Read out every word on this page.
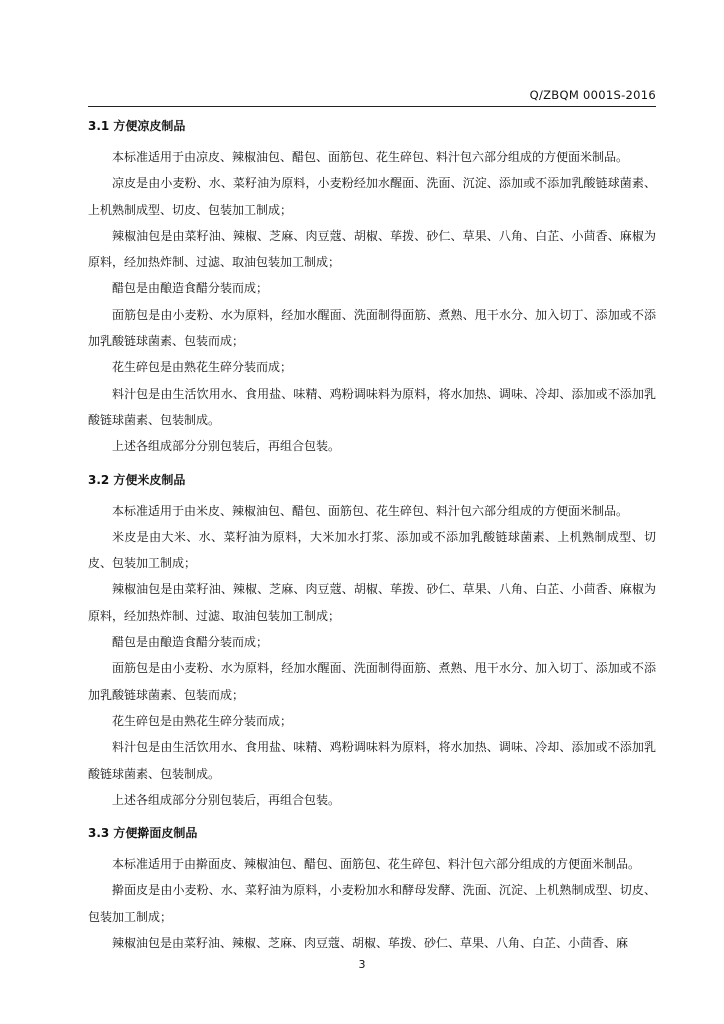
Q/ZBQM 0001S-2016
3.1 方便凉皮制品

本标准适用于由凉皮、辣椒油包、醋包、面筋包、花生碎包、料汁包六部分组成的方便面米制品。

凉皮是由小麦粉、水、菜籽油为原料，小麦粉经加水醒面、洗面、沉淀、添加或不添加乳酸链球菌素、上机熟制成型、切皮、包装加工制成；

辣椒油包是由菜籽油、辣椒、芝麻、肉豆蔻、胡椒、荜拨、砂仁、草果、八角、白芷、小茴香、麻椒为原料，经加热炸制、过滤、取油包装加工制成；

醋包是由酿造食醋分装而成；

面筋包是由小麦粉、水为原料，经加水醒面、洗面制得面筋、煮熟、甩干水分、加入切丁、添加或不添加乳酸链球菌素、包装而成；

花生碎包是由熟花生碎分装而成；

料汁包是由生活饮用水、食用盐、味精、鸡粉调味料为原料，将水加热、调味、冷却、添加或不添加乳酸链球菌素、包装制成。

上述各组成部分分别包装后，再组合包装。

3.2 方便米皮制品

本标准适用于由米皮、辣椒油包、醋包、面筋包、花生碎包、料汁包六部分组成的方便面米制品。

米皮是由大米、水、菜籽油为原料，大米加水打浆、添加或不添加乳酸链球菌素、上机熟制成型、切皮、包装加工制成；

辣椒油包是由菜籽油、辣椒、芝麻、肉豆蔻、胡椒、荜拨、砂仁、草果、八角、白芷、小茴香、麻椒为原料，经加热炸制、过滤、取油包装加工制成；

醋包是由酿造食醋分装而成；

面筋包是由小麦粉、水为原料，经加水醒面、洗面制得面筋、煮熟、甩干水分、加入切丁、添加或不添加乳酸链球菌素、包装而成；

花生碎包是由熟花生碎分装而成；

料汁包是由生活饮用水、食用盐、味精、鸡粉调味料为原料，将水加热、调味、冷却、添加或不添加乳酸链球菌素、包装制成。

上述各组成部分分别包装后，再组合包装。

3.3 方便擀面皮制品

本标准适用于由擀面皮、辣椒油包、醋包、面筋包、花生碎包、料汁包六部分组成的方便面米制品。

擀面皮是由小麦粉、水、菜籽油为原料，小麦粉加水和酵母发酵、洗面、沉淀、上机熟制成型、切皮、包装加工制成；

辣椒油包是由菜籽油、辣椒、芝麻、肉豆蔻、胡椒、荜拨、砂仁、草果、八角、白芷、小茴香、麻

3
